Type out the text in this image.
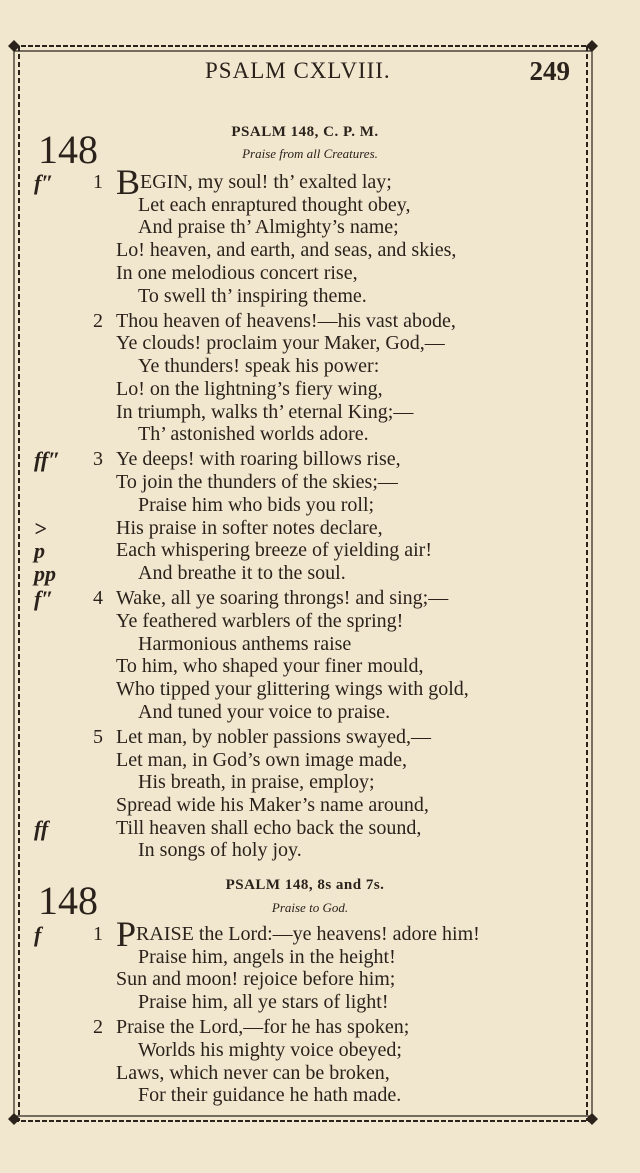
PSALM CXLVIII.	249
148	PSALM 148, C. P. M.
Praise from all Creatures.
1 BEGIN, my soul! th’ exalted lay;
f″
Let each enraptured thought obey,
And praise th’ Almighty’s name;
Lo! heaven, and earth, and seas, and skies,
In one melodious concert rise,
To swell th’ inspiring theme.
2 Thou heaven of heavens!—his vast abode,
Ye clouds! proclaim your Maker, God,—
Ye thunders! speak his power:
Lo! on the lightning’s fiery wing,
In triumph, walks th’ eternal King;—
Th’ astonished worlds adore.
3 Ye deeps! with roaring billows rise,
ff″
To join the thunders of the skies;—
Praise him who bids you roll;
His praise in softer notes declare,
>
Each whispering breeze of yielding air!
p
And breathe it to the soul.
pp
4 Wake, all ye soaring throngs! and sing;—
f″
Ye feathered warblers of the spring!
Harmonious anthems raise
To him, who shaped your finer mould,
Who tipped your glittering wings with gold,
And tuned your voice to praise.
5 Let man, by nobler passions swayed,—
Let man, in God’s own image made,
His breath, in praise, employ;
Spread wide his Maker’s name around,
Till heaven shall echo back the sound,
ff
In songs of holy joy.
148	PSALM 148, 8s and 7s.
Praise to God.
1 PRAISE the Lord:—ye heavens! adore him!
f
Praise him, angels in the height!
Sun and moon! rejoice before him;
Praise him, all ye stars of light!
2 Praise the Lord,—for he has spoken;
Worlds his mighty voice obeyed;
Laws, which never can be broken,
For their guidance he hath made.
